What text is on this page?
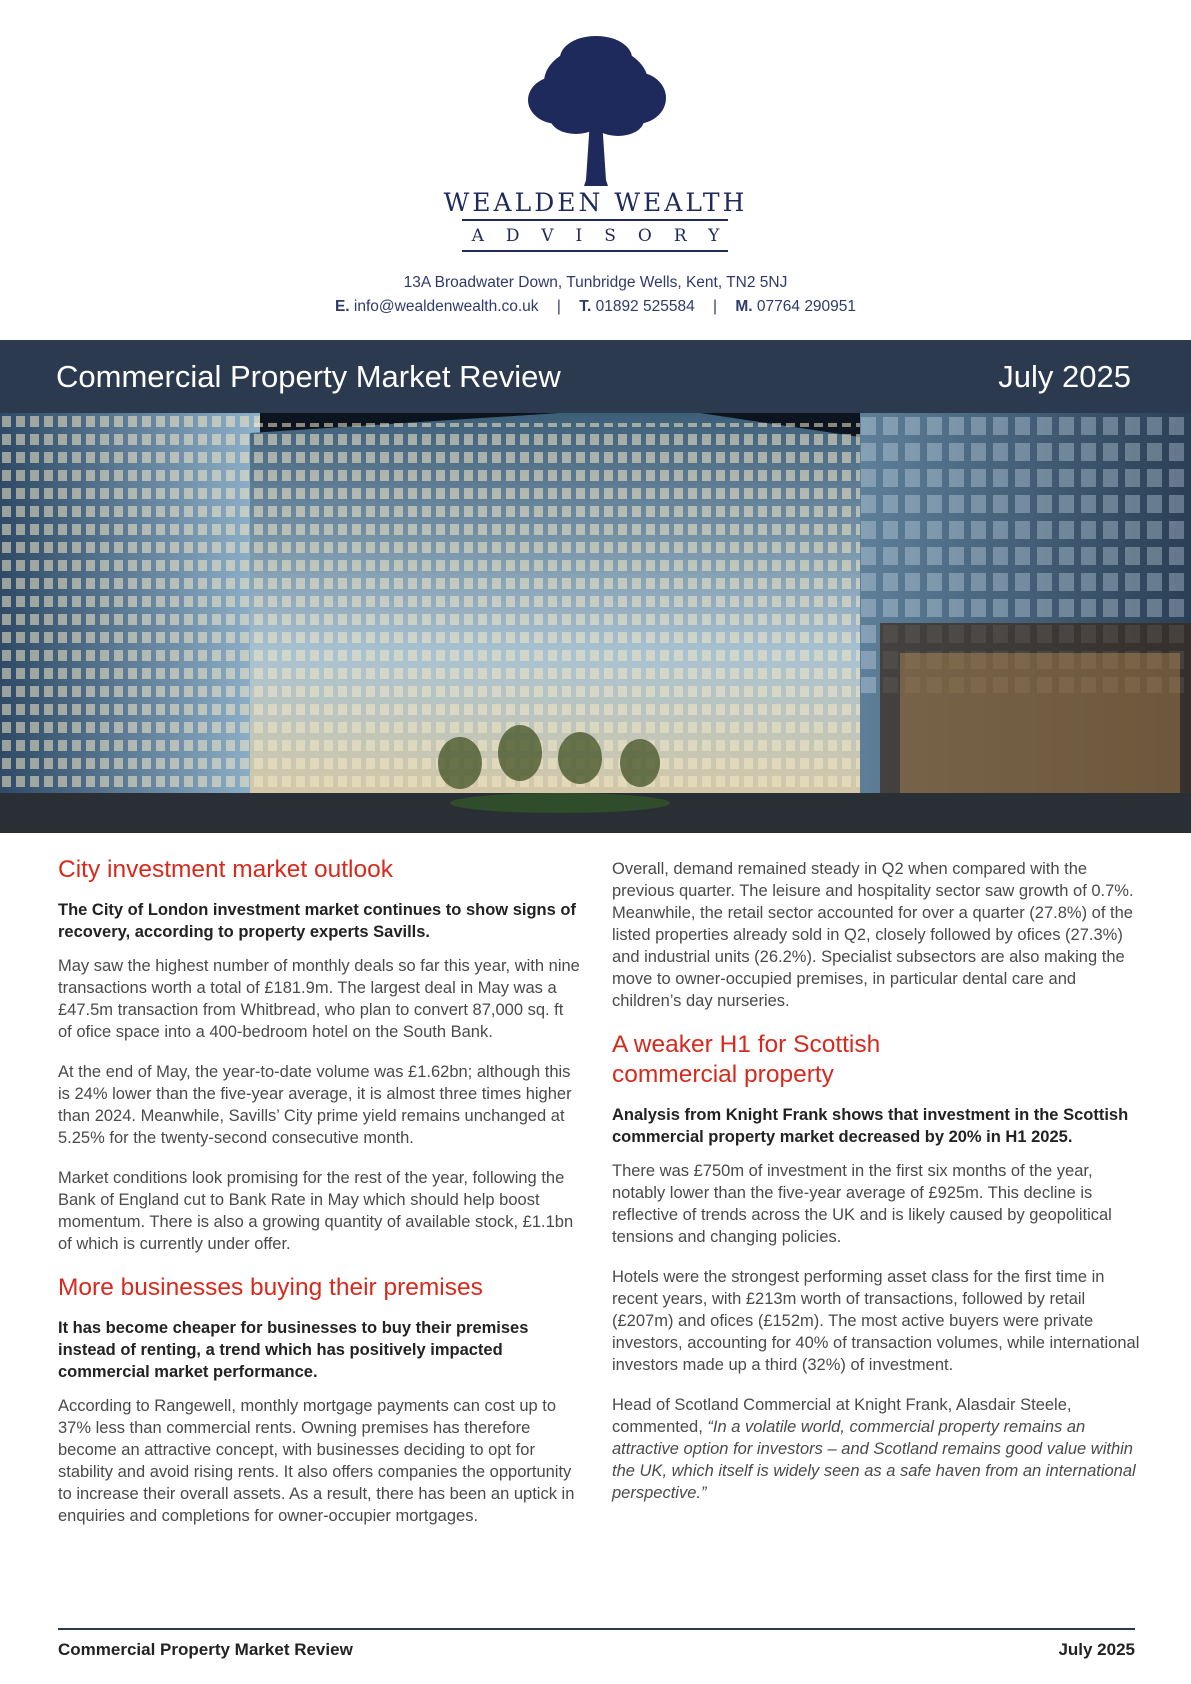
WEALDEN WEALTH
ADVISORY
13A Broadwater Down, Tunbridge Wells, Kent, TN2 5NJ
E. info@wealdenwealth.co.uk | T. 01892 525584 | M. 07764 290951
Commercial Property Market Review	July 2025
City investment market outlook

The City of London investment market continues to show signs of recovery, according to property experts Savills.

May saw the highest number of monthly deals so far this year, with nine transactions worth a total of £181.9m. The largest deal in May was a £47.5m transaction from Whitbread, who plan to convert 87,000 sq. ft of ofice space into a 400-bedroom hotel on the South Bank.

At the end of May, the year-to-date volume was £1.62bn; although this is 24% lower than the five-year average, it is almost three times higher than 2024. Meanwhile, Savills’ City prime yield remains unchanged at 5.25% for the twenty-second consecutive month.

Market conditions look promising for the rest of the year, following the Bank of England cut to Bank Rate in May which should help boost momentum. There is also a growing quantity of available stock, £1.1bn of which is currently under offer.

More businesses buying their premises

It has become cheaper for businesses to buy their premises instead of renting, a trend which has positively impacted commercial market performance.

According to Rangewell, monthly mortgage payments can cost up to 37% less than commercial rents. Owning premises has therefore become an attractive concept, with businesses deciding to opt for stability and avoid rising rents. It also offers companies the opportunity to increase their overall assets. As a result, there has been an uptick in enquiries and completions for owner-occupier mortgages.

Overall, demand remained steady in Q2 when compared with the previous quarter. The leisure and hospitality sector saw growth of 0.7%. Meanwhile, the retail sector accounted for over a quarter (27.8%) of the listed properties already sold in Q2, closely followed by ofices (27.3%) and industrial units (26.2%). Specialist subsectors are also making the move to owner-occupied premises, in particular dental care and children’s day nurseries.

A weaker H1 for Scottish commercial property

Analysis from Knight Frank shows that investment in the Scottish commercial property market decreased by 20% in H1 2025.

There was £750m of investment in the first six months of the year, notably lower than the five-year average of £925m. This decline is reflective of trends across the UK and is likely caused by geopolitical tensions and changing policies.

Hotels were the strongest performing asset class for the first time in recent years, with £213m worth of transactions, followed by retail (£207m) and ofices (£152m). The most active buyers were private investors, accounting for 40% of transaction volumes, while international investors made up a third (32%) of investment.

Head of Scotland Commercial at Knight Frank, Alasdair Steele, commented, “In a volatile world, commercial property remains an attractive option for investors – and Scotland remains good value within the UK, which itself is widely seen as a safe haven from an international perspective.”

Commercial Property Market Review	July 2025
